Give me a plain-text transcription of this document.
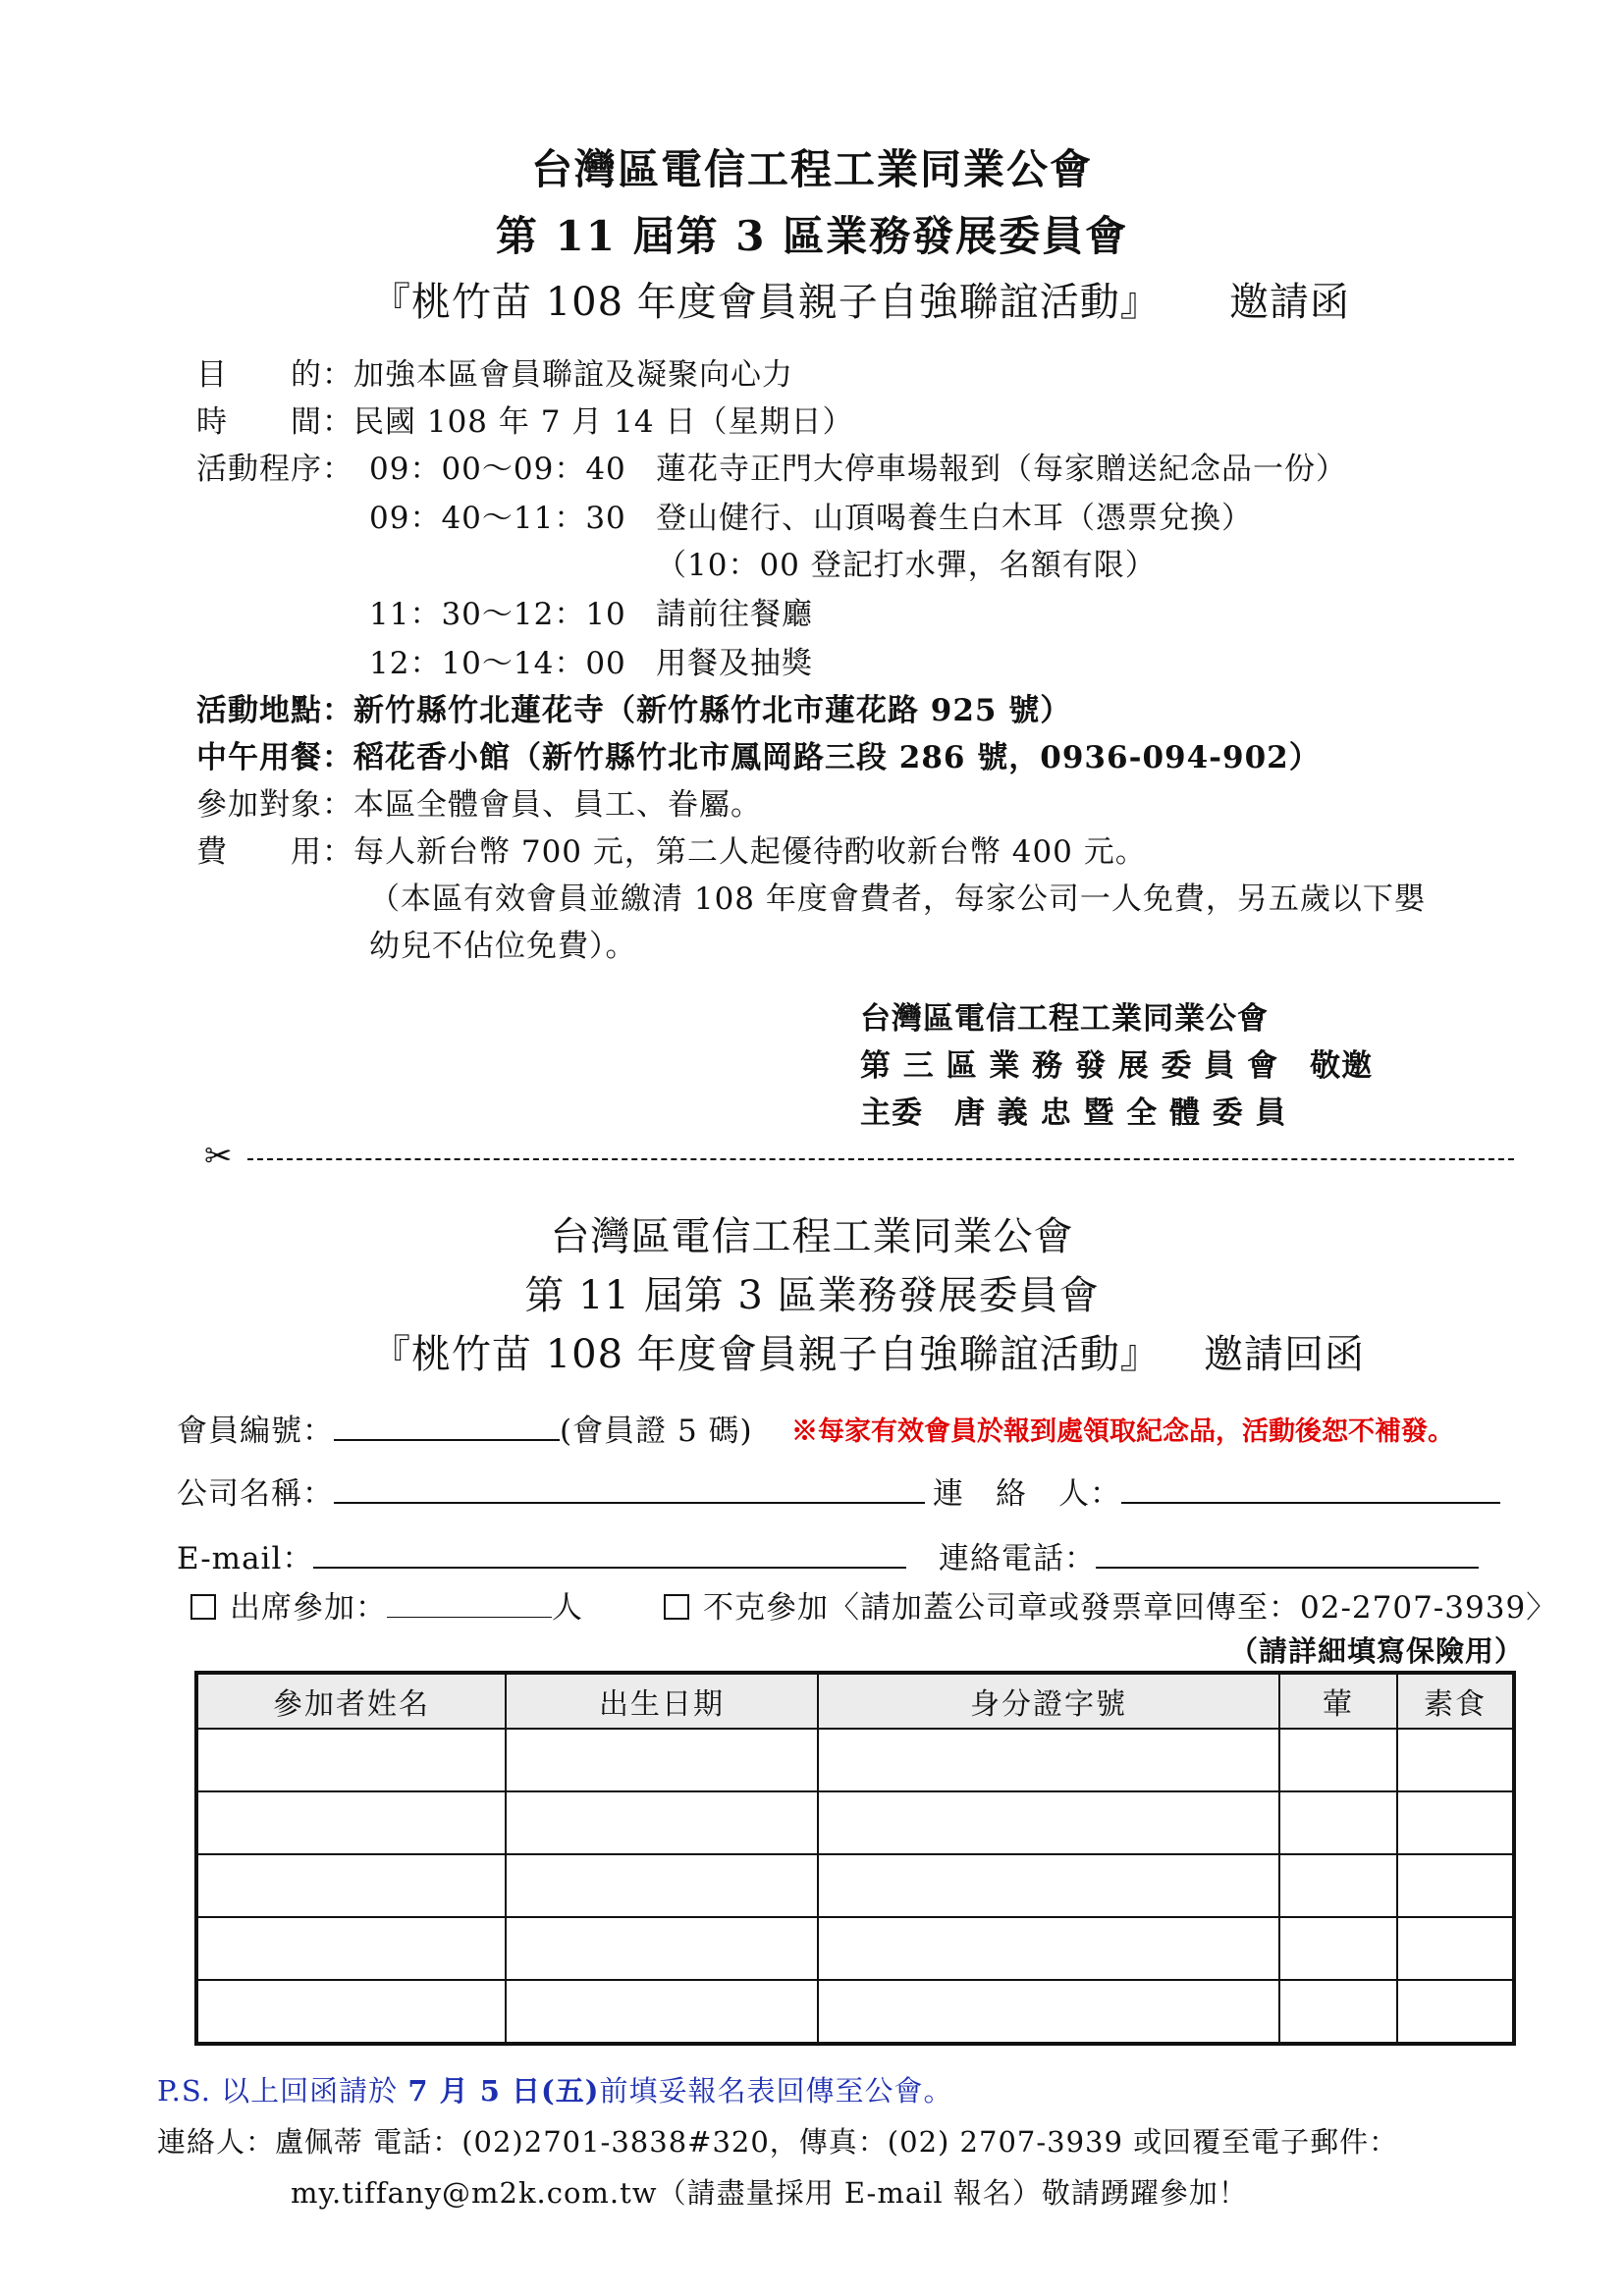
台灣區電信工程工業同業公會
第 11 屆第 3 區業務發展委員會
『桃竹苗 108 年度會員親子自強聯誼活動』 邀請函
目　　的：加強本區會員聯誼及凝聚向心力
時　　間：民國 108 年 7 月 14 日（星期日）
活動程序： 09：00～09：40 蓮花寺正門大停車場報到（每家贈送紀念品一份）
09：40～11：30 登山健行、山頂喝養生白木耳（憑票兌換）
（10：00 登記打水彈，名額有限）
11：30～12：10 請前往餐廳
12：10～14：00 用餐及抽獎
活動地點：新竹縣竹北蓮花寺（新竹縣竹北市蓮花路 925 號）
中午用餐：稻花香小館（新竹縣竹北市鳳岡路三段 286 號，0936-094-902）
參加對象：本區全體會員、員工、眷屬。
費　　用：每人新台幣 700 元，第二人起優待酌收新台幣 400 元。
（本區有效會員並繳清 108 年度會費者，每家公司一人免費，另五歲以下嬰
幼兒不佔位免費）。
台灣區電信工程工業同業公會
第 三 區 業 務 發 展 委 員 會　敬邀
主委　唐 義 忠 暨 全 體 委 員
✂
台灣區電信工程工業同業公會
第 11 屆第 3 區業務發展委員會
『桃竹苗 108 年度會員親子自強聯誼活動』 邀請回函
會員編號：	(會員證 5 碼) ※每家有效會員於報到處領取紀念品，活動後恕不補發。
公司名稱：	連　絡　人：
E-mail：	連絡電話：
出席參加：	人	不克參加〈請加蓋公司章或發票章回傳至：02-2707-3939〉
（請詳細填寫保險用）
參加者姓名	出生日期	身分證字號	葷	素食

P.S. 以上回函請於 7 月 5 日(五)前填妥報名表回傳至公會。
連絡人：盧佩蒂 電話：(02)2701-3838#320，傳真：(02) 2707-3939 或回覆至電子郵件：
my.tiffany@m2k.com.tw（請盡量採用 E-mail 報名）敬請踴躍參加！
